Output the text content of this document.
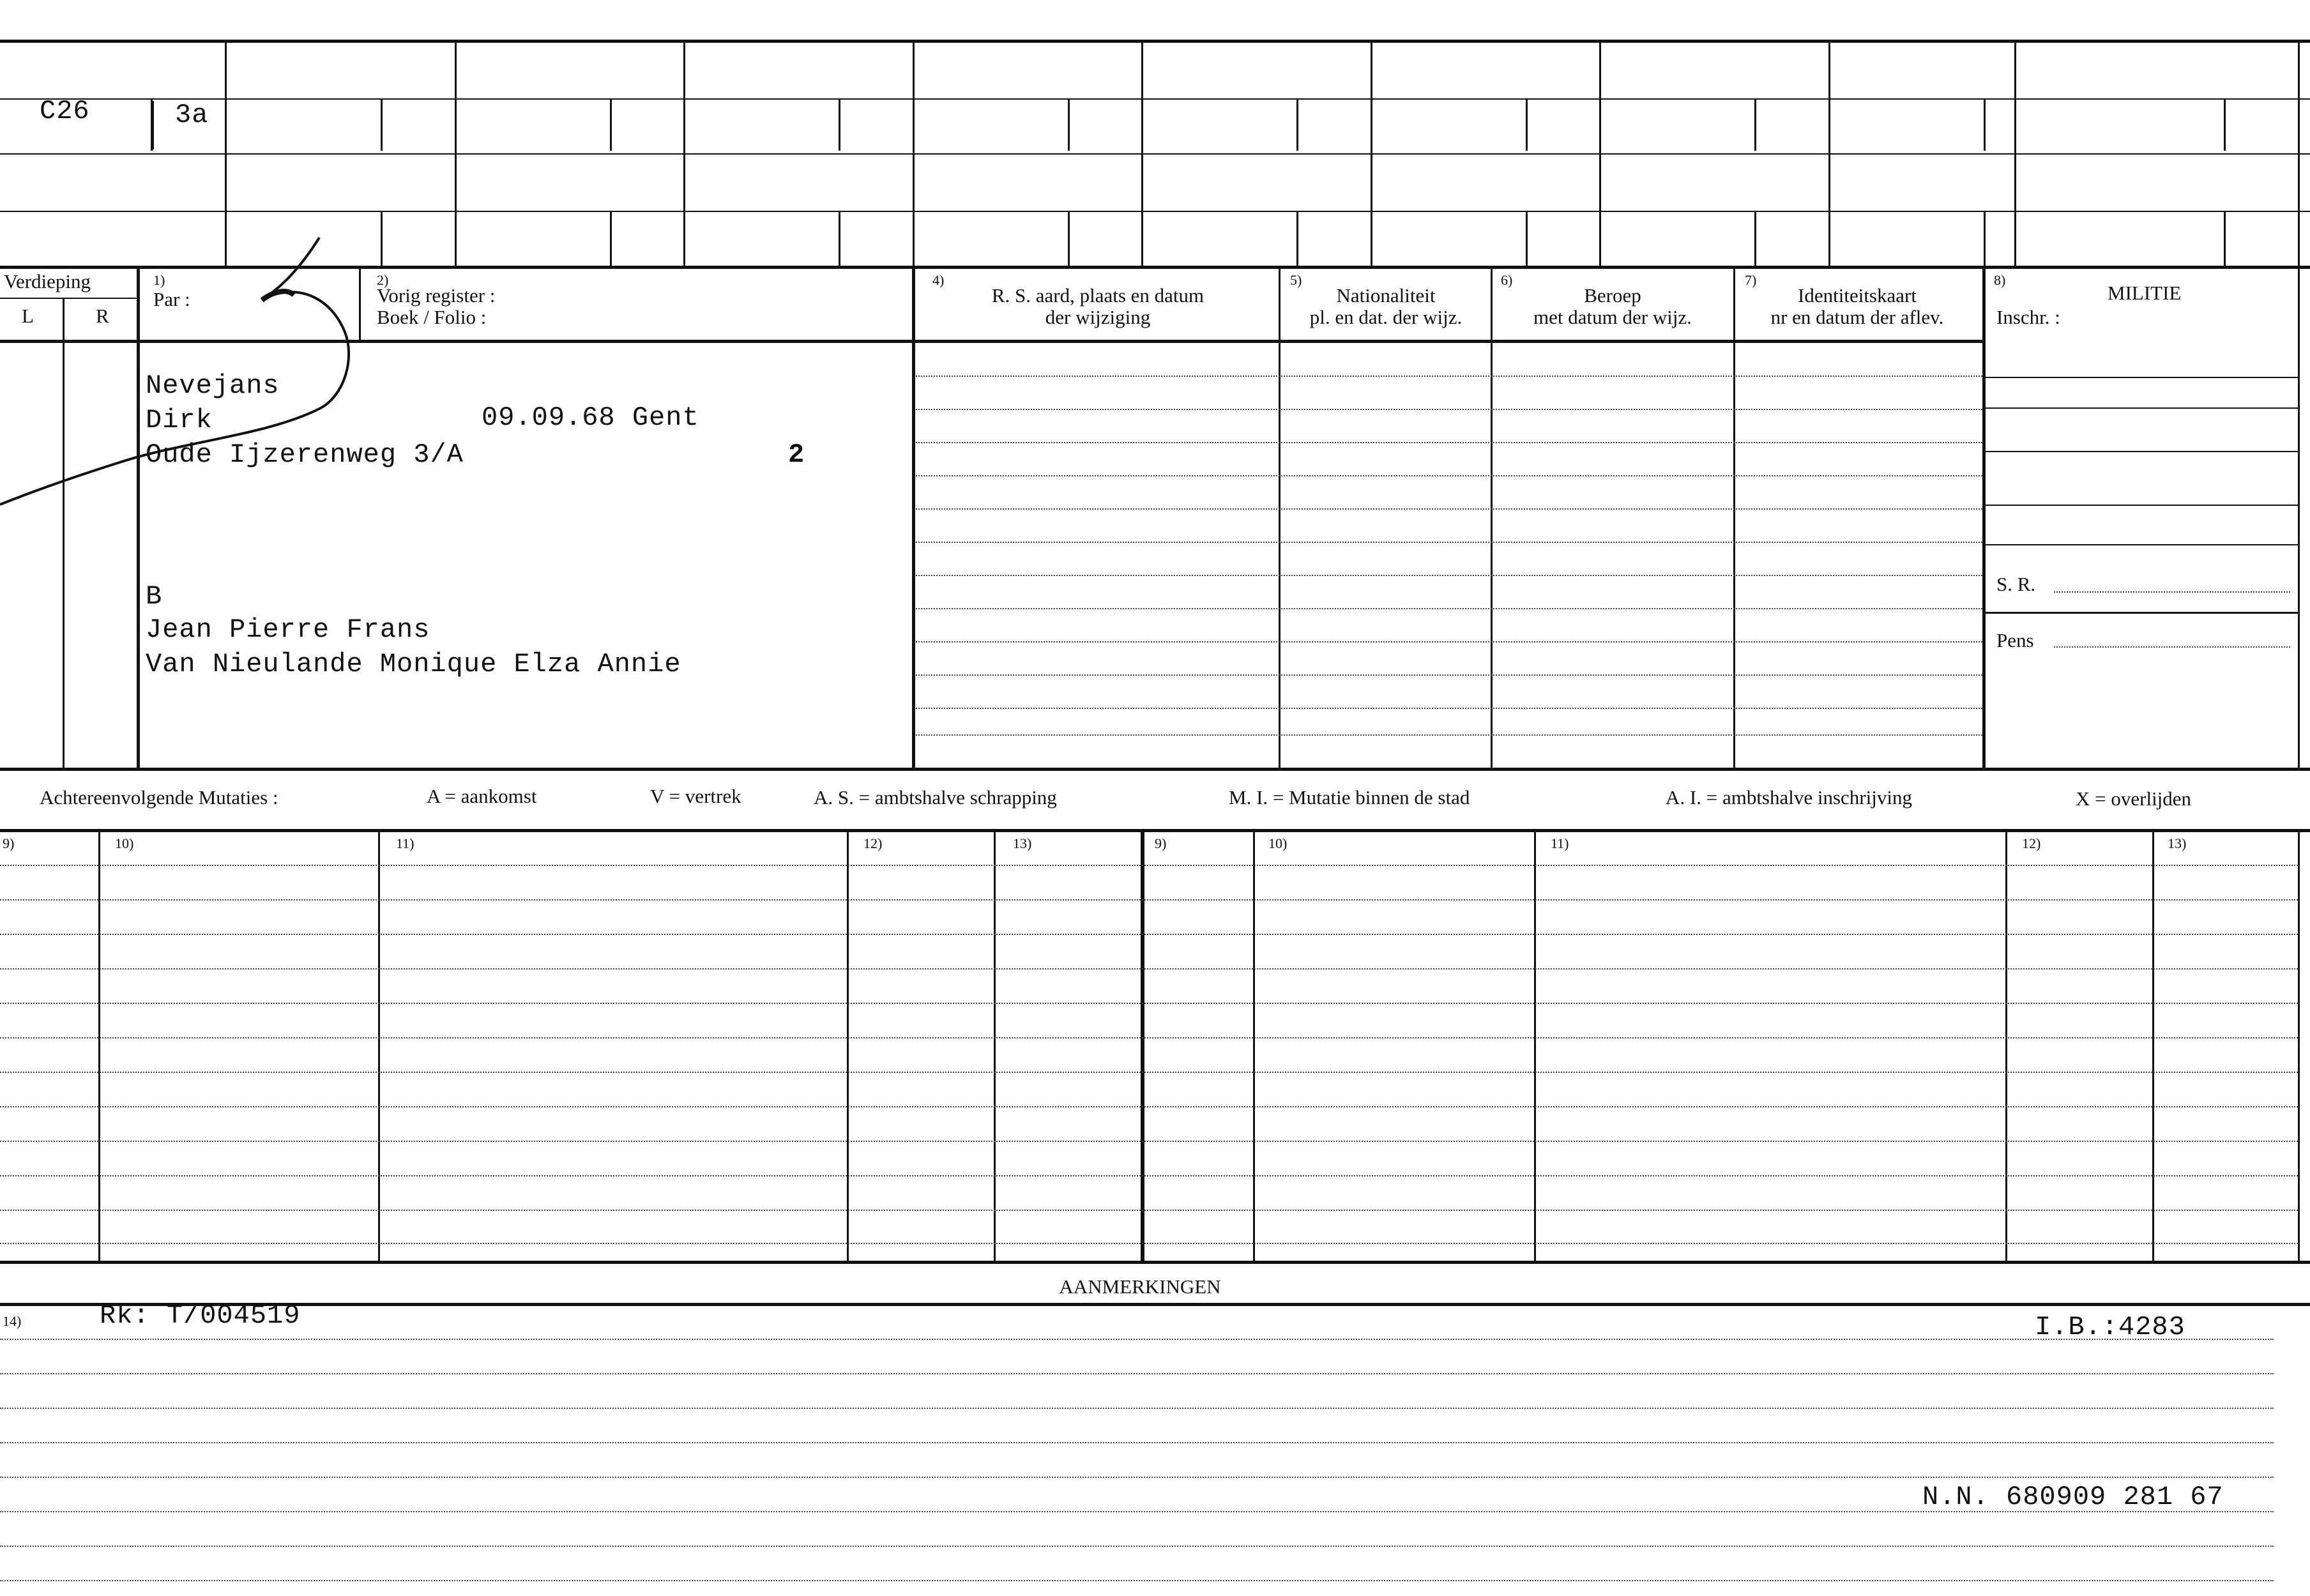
C26	3a
Verdieping
L	R
1)
Par :
2)
Vorig register :
Boek / Folio :
4)
R. S. aard, plaats en datum
der wijziging
5)
Nationaliteit
pl. en dat. der wijz.
6)
Beroep
met datum der wijz.
7)
Identiteitskaart
nr en datum der aflev.
8)
MILITIE
Inschr. :
S. R.
Pens
Nevejans
Dirk	09.09.68 Gent
Oude Ijzerenweg 3/A	2
B
Jean Pierre Frans
Van Nieulande Monique Elza Annie
Achtereenvolgende Mutaties :	A = aankomst	V = vertrek	A. S. = ambtshalve schrapping	M. I. = Mutatie binnen de stad	A. I. = ambtshalve inschrijving	X = overlijden
9)	10)	11)	12)	13)	9)	10)	11)	12)	13)
AANMERKINGEN
14)	Rk: T/004519	I.B.:4283
N.N. 680909 281 67
